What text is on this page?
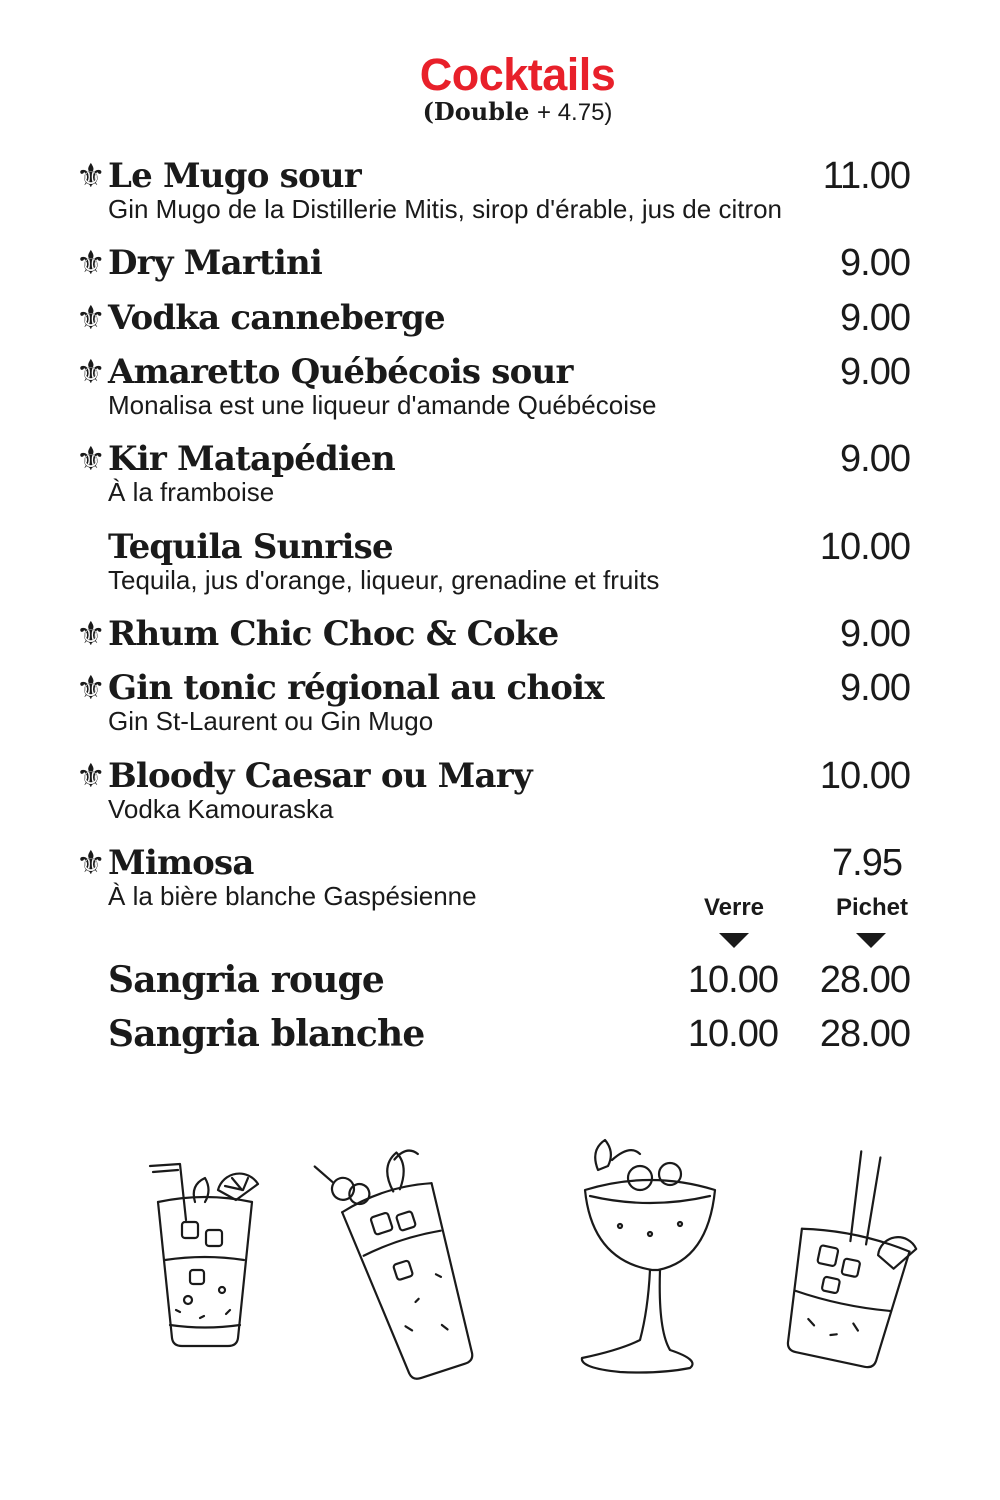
Cocktails
(Double + 4.75)
⚜ Le Mugo sour	11.00
Gin Mugo de la Distillerie Mitis, sirop d'érable, jus de citron
⚜ Dry Martini	9.00
⚜ Vodka canneberge	9.00
⚜ Amaretto Québécois sour	9.00
Monalisa est une liqueur d'amande Québécoise
⚜ Kir Matapédien	9.00
À la framboise
Tequila Sunrise	10.00
Tequila, jus d'orange, liqueur, grenadine et fruits
⚜ Rhum Chic Choc & Coke	9.00
⚜ Gin tonic régional au choix	9.00
Gin St-Laurent ou Gin Mugo
⚜ Bloody Caesar ou Mary	10.00
Vodka Kamouraska
⚜ Mimosa	7.95
À la bière blanche Gaspésienne	Verre	Pichet
Sangria rouge	10.00	28.00
Sangria blanche	10.00	28.00
